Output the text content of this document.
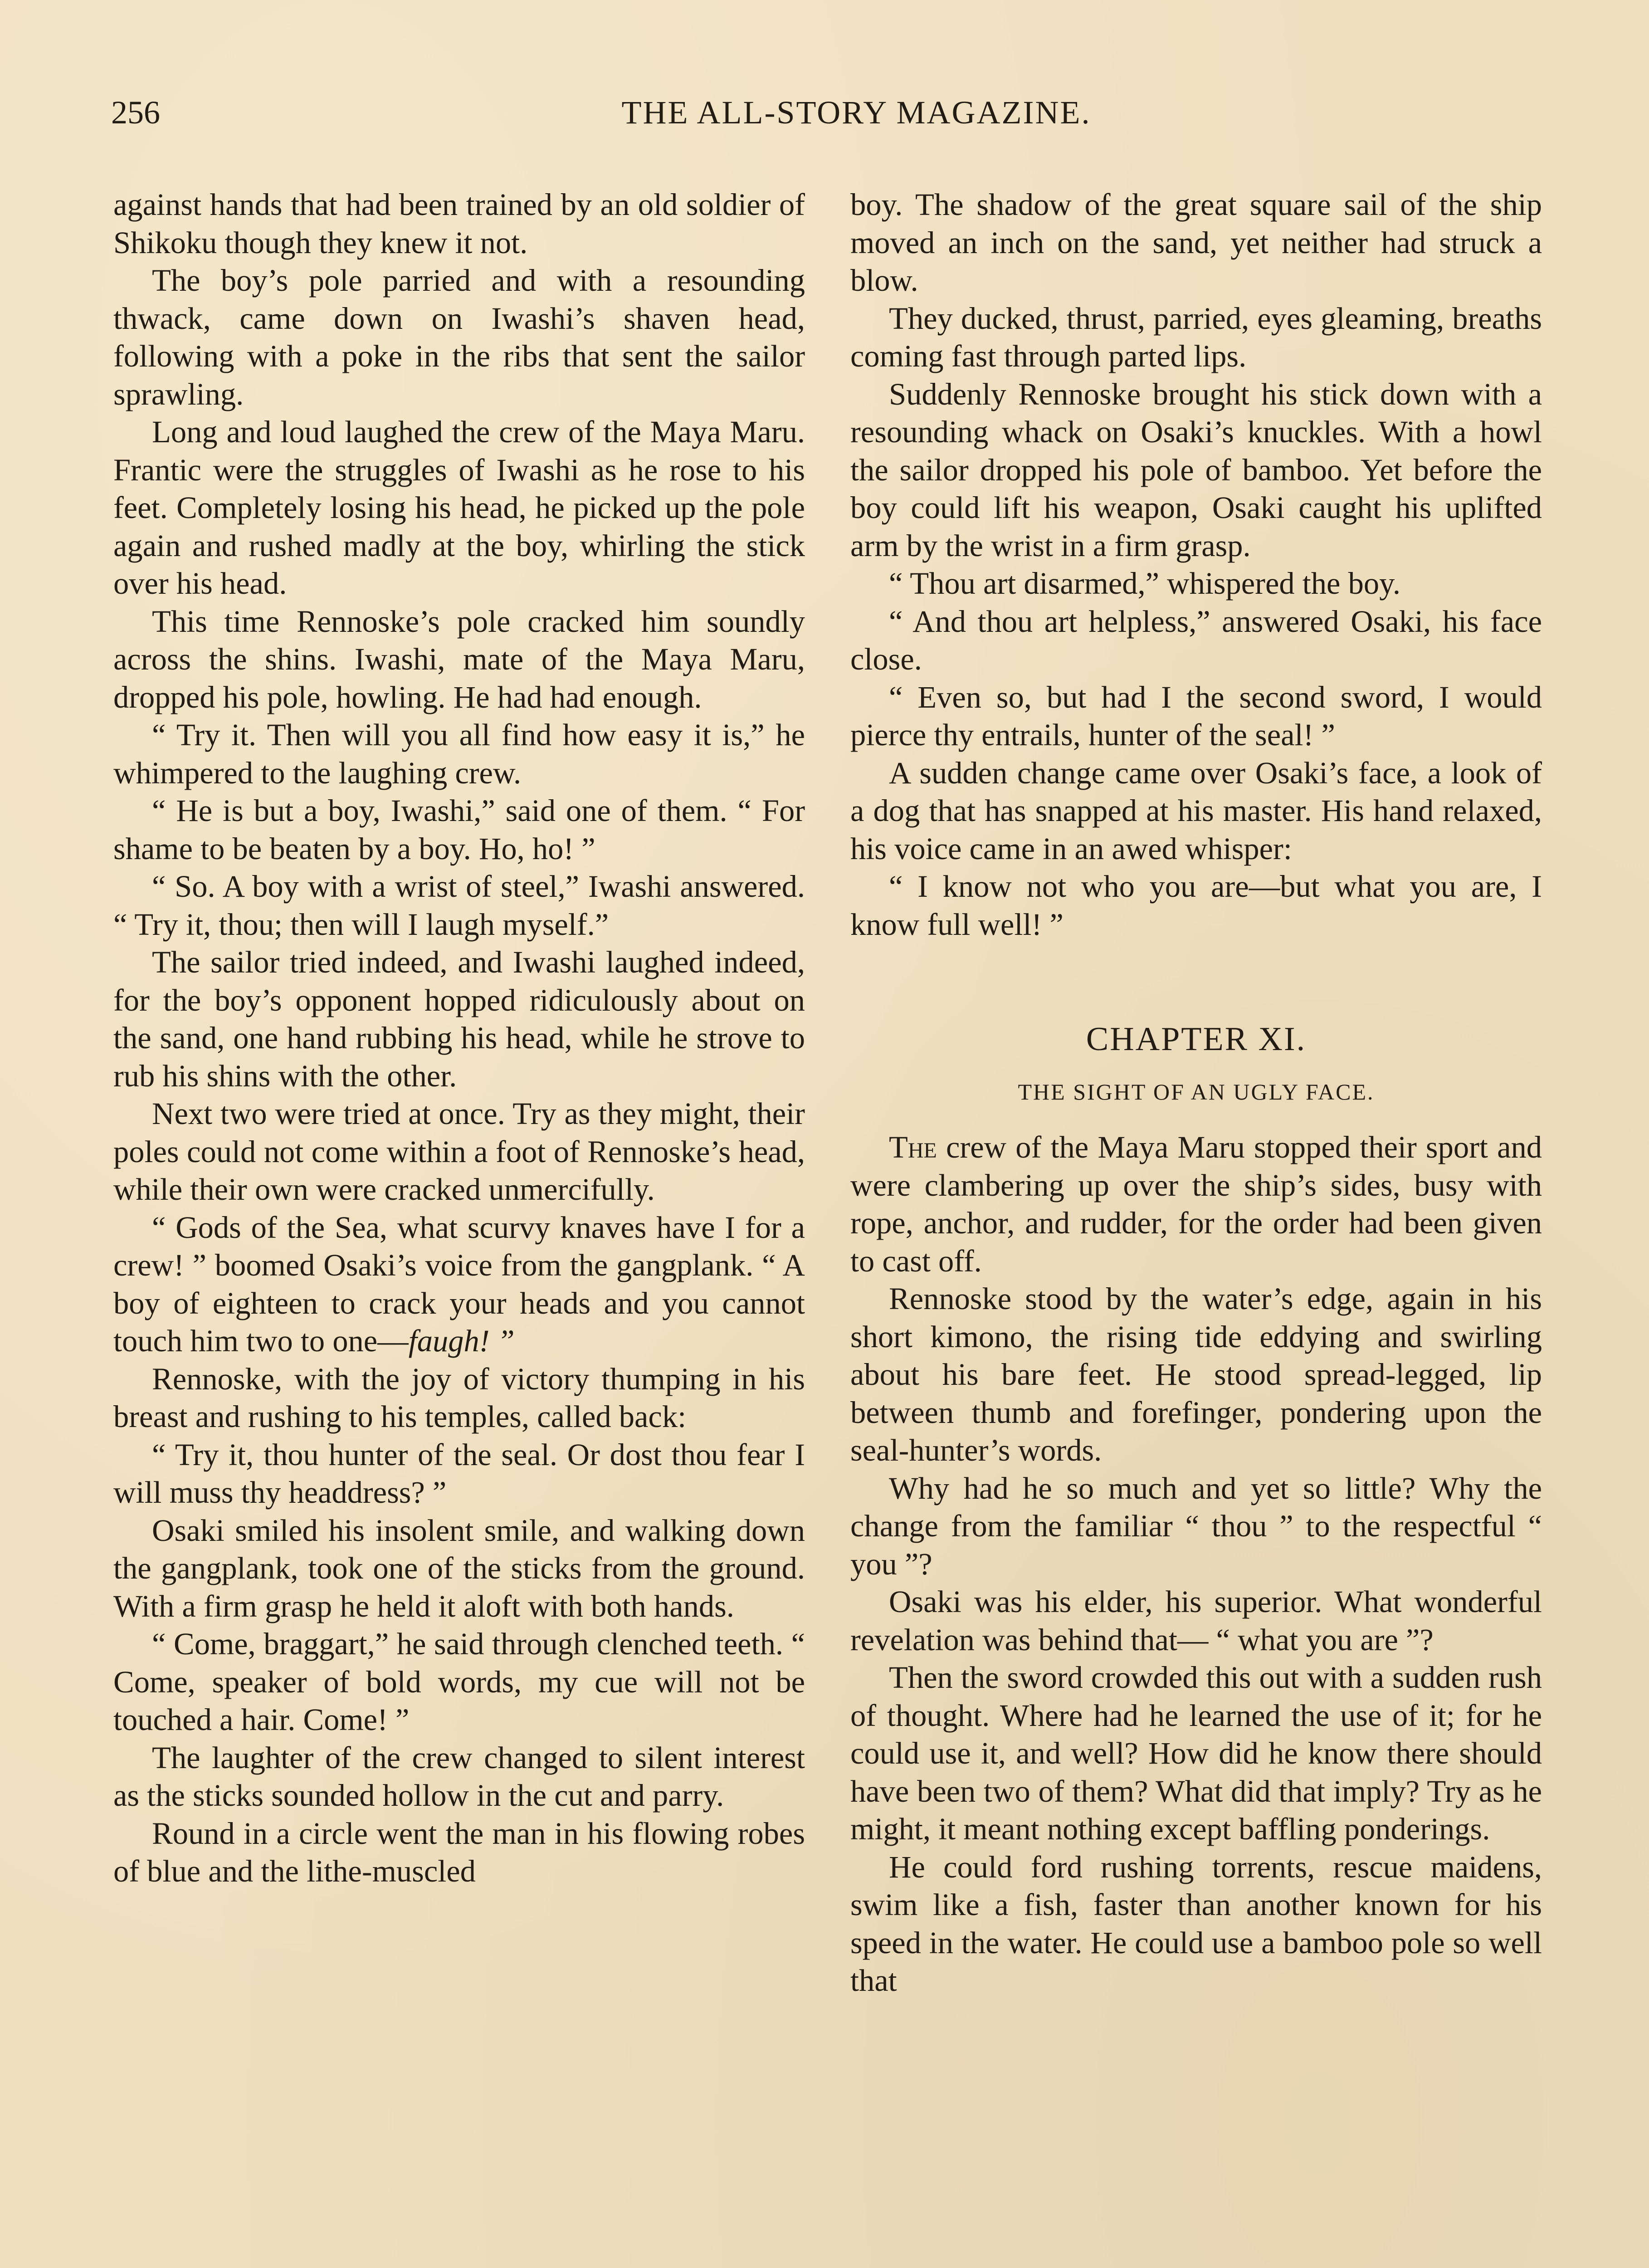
256	THE ALL-STORY MAGAZINE.

against hands that had been trained by an old soldier of Shikoku though they knew it not.

The boy’s pole parried and with a resounding thwack, came down on Iwashi’s shaven head, following with a poke in the ribs that sent the sailor sprawling.

Long and loud laughed the crew of the Maya Maru. Frantic were the struggles of Iwashi as he rose to his feet. Completely losing his head, he picked up the pole again and rushed madly at the boy, whirling the stick over his head.

This time Rennoske’s pole cracked him soundly across the shins. Iwashi, mate of the Maya Maru, dropped his pole, howling. He had had enough.

“ Try it. Then will you all find how easy it is,” he whimpered to the laughing crew.

“ He is but a boy, Iwashi,” said one of them. “ For shame to be beaten by a boy. Ho, ho! ”

“ So. A boy with a wrist of steel,” Iwashi answered. “ Try it, thou; then will I laugh myself.”

The sailor tried indeed, and Iwashi laughed indeed, for the boy’s opponent hopped ridiculously about on the sand, one hand rubbing his head, while he strove to rub his shins with the other.

Next two were tried at once. Try as they might, their poles could not come within a foot of Rennoske’s head, while their own were cracked unmercifully.

“ Gods of the Sea, what scurvy knaves have I for a crew! ” boomed Osaki’s voice from the gangplank. “ A boy of eighteen to crack your heads and you cannot touch him two to one—faugh! ”

Rennoske, with the joy of victory thumping in his breast and rushing to his temples, called back:

“ Try it, thou hunter of the seal. Or dost thou fear I will muss thy headdress? ”

Osaki smiled his insolent smile, and walking down the gangplank, took one of the sticks from the ground. With a firm grasp he held it aloft with both hands.

“ Come, braggart,” he said through clenched teeth. “ Come, speaker of bold words, my cue will not be touched a hair. Come! ”

The laughter of the crew changed to silent interest as the sticks sounded hollow in the cut and parry.

Round in a circle went the man in his flowing robes of blue and the lithe-muscled

boy. The shadow of the great square sail of the ship moved an inch on the sand, yet neither had struck a blow.

They ducked, thrust, parried, eyes gleaming, breaths coming fast through parted lips.

Suddenly Rennoske brought his stick down with a resounding whack on Osaki’s knuckles. With a howl the sailor dropped his pole of bamboo. Yet before the boy could lift his weapon, Osaki caught his uplifted arm by the wrist in a firm grasp.

“ Thou art disarmed,” whispered the boy.

“ And thou art helpless,” answered Osaki, his face close.

“ Even so, but had I the second sword, I would pierce thy entrails, hunter of the seal! ”

A sudden change came over Osaki’s face, a look of a dog that has snapped at his master. His hand relaxed, his voice came in an awed whisper:

“ I know not who you are—but what you are, I know full well! ”

CHAPTER XI.
THE SIGHT OF AN UGLY FACE.

The crew of the Maya Maru stopped their sport and were clambering up over the ship’s sides, busy with rope, anchor, and rudder, for the order had been given to cast off.

Rennoske stood by the water’s edge, again in his short kimono, the rising tide eddying and swirling about his bare feet. He stood spread-legged, lip between thumb and forefinger, pondering upon the seal-hunter’s words.

Why had he so much and yet so little? Why the change from the familiar “ thou ” to the respectful “ you ”?

Osaki was his elder, his superior. What wonderful revelation was behind that— “ what you are ”?

Then the sword crowded this out with a sudden rush of thought. Where had he learned the use of it; for he could use it, and well? How did he know there should have been two of them? What did that imply? Try as he might, it meant nothing except baffling ponderings.

He could ford rushing torrents, rescue maidens, swim like a fish, faster than another known for his speed in the water. He could use a bamboo pole so well that
